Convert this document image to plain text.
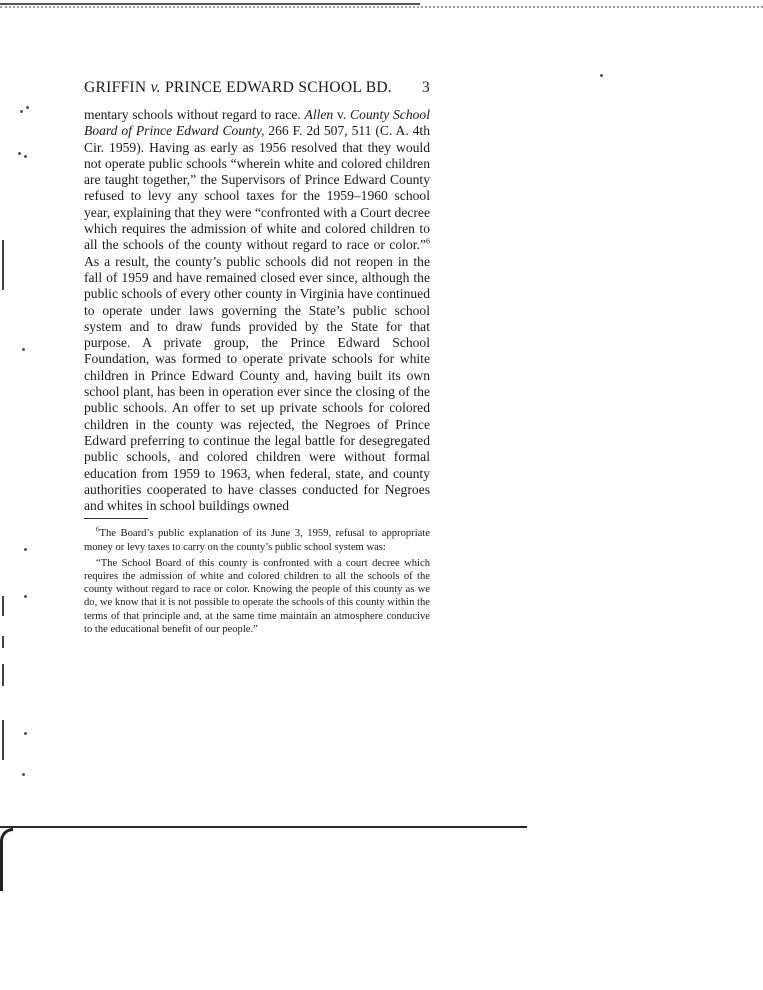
GRIFFIN v. PRINCE EDWARD SCHOOL BD. 3

mentary schools without regard to race. Allen v. County School Board of Prince Edward County, 266 F. 2d 507, 511 (C. A. 4th Cir. 1959). Having as early as 1956 resolved that they would not operate public schools “wherein white and colored children are taught together,” the Supervisors of Prince Edward County refused to levy any school taxes for the 1959–1960 school year, explaining that they were “confronted with a Court decree which requires the admission of white and colored children to all the schools of the county without regard to race or color.”$^6$ As a result, the county’s public schools did not reopen in the fall of 1959 and have remained closed ever since, although the public schools of every other county in Virginia have continued to operate under laws governing the State’s public school system and to draw funds provided by the State for that purpose. A private group, the Prince Edward School Foundation, was formed to operate private schools for white children in Prince Edward County and, having built its own school plant, has been in operation ever since the closing of the public schools. An offer to set up private schools for colored children in the county was rejected, the Negroes of Prince Edward preferring to continue the legal battle for desegregated public schools, and colored children were without formal education from 1959 to 1963, when federal, state, and county authorities cooperated to have classes conducted for Negroes and whites in school buildings owned

$^6$The Board’s public explanation of its June 3, 1959, refusal to appropriate money or levy taxes to carry on the county’s public school system was:

“The School Board of this county is confronted with a court decree which requires the admission of white and colored children to all the schools of the county without regard to race or color. Knowing the people of this county as we do, we know that it is not possible to operate the schools of this county within the terms of that principle and, at the same time maintain an atmosphere conducive to the educational benefit of our people.”
